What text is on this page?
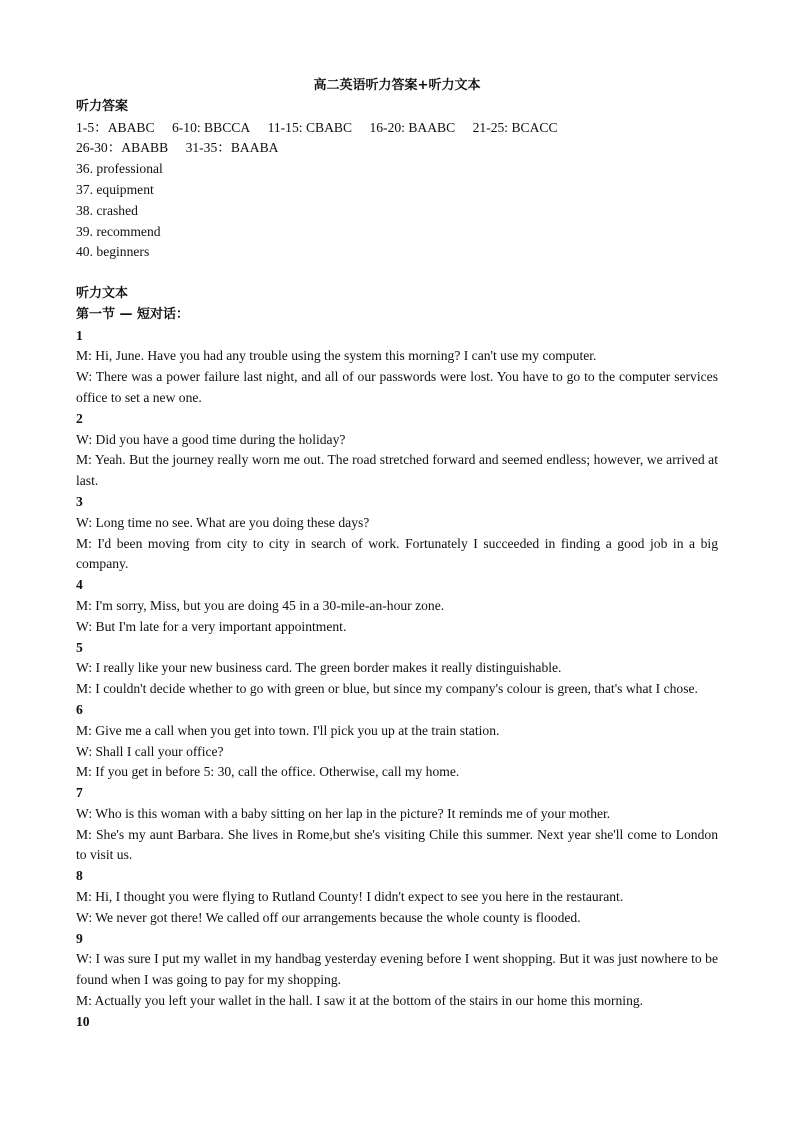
高二英语听力答案+听力文本
听力答案
1-5：ABABC 6-10: BBCCA 11-15: CBABC 16-20: BAABC 21-25: BCACC
26-30：ABABB 31-35：BAABA
36. professional
37. equipment
38. crashed
39. recommend
40. beginners
听力文本
第一节 — 短对话：
1
M: Hi, June. Have you had any trouble using the system this morning? I can't use my computer.
W: There was a power failure last night, and all of our passwords were lost. You have to go to the computer services office to set a new one.
2
W: Did you have a good time during the holiday?
M: Yeah. But the journey really worn me out. The road stretched forward and seemed endless; however, we arrived at last.
3
W: Long time no see. What are you doing these days?
M: I'd been moving from city to city in search of work. Fortunately I succeeded in finding a good job in a big company.
4
M: I'm sorry, Miss, but you are doing 45 in a 30-mile-an-hour zone.
W: But I'm late for a very important appointment.
5
W: I really like your new business card. The green border makes it really distinguishable.
M: I couldn't decide whether to go with green or blue, but since my company's colour is green, that's what I chose.
6
M: Give me a call when you get into town. I'll pick you up at the train station.
W: Shall I call your office?
M: If you get in before 5: 30, call the office. Otherwise, call my home.
7
W: Who is this woman with a baby sitting on her lap in the picture? It reminds me of your mother.
M: She's my aunt Barbara. She lives in Rome,but she's visiting Chile this summer. Next year she'll come to London to visit us.
8
M: Hi, I thought you were flying to Rutland County! I didn't expect to see you here in the restaurant.
W: We never got there! We called off our arrangements because the whole county is flooded.
9
W: I was sure I put my wallet in my handbag yesterday evening before I went shopping. But it was just nowhere to be found when I was going to pay for my shopping.
M: Actually you left your wallet in the hall. I saw it at the bottom of the stairs in our home this morning.
10
